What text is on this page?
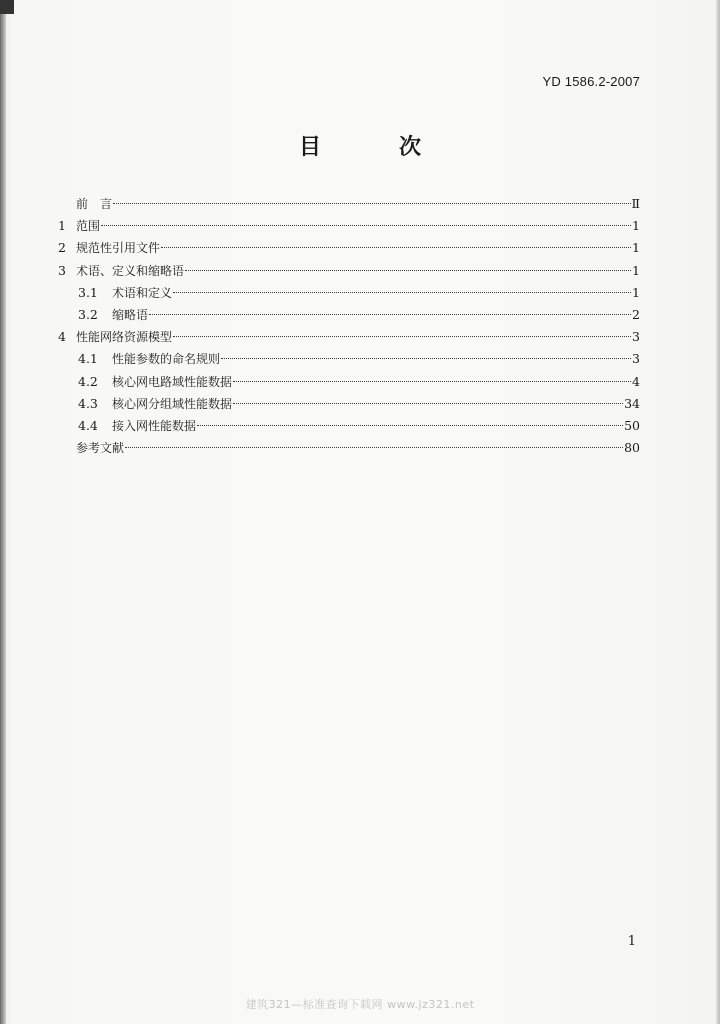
YD 1586.2-2007
目　次
前　言	Ⅱ
1 范围	1
2 规范性引用文件	1
3 术语、定义和缩略语	1
3.1	术语和定义	1
3.2	缩略语	2
4 性能网络资源模型	3
4.1	性能参数的命名规则	3
4.2	核心网电路域性能数据	4
4.3	核心网分组域性能数据	34
4.4	接入网性能数据	50
参考文献	80
1
建筑321—标准查询下载网 www.jz321.net
